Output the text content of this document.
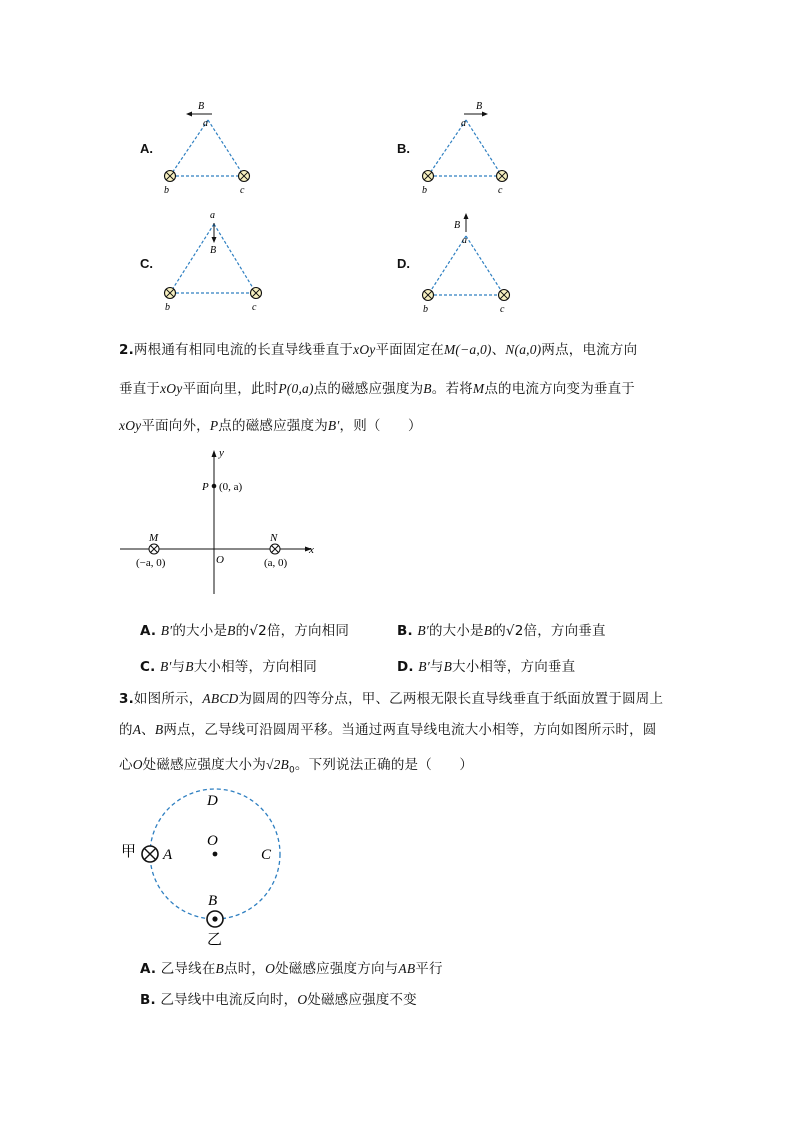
A.
B
a
b	c
B.
B
a
b	c
C.
a
B
b	c
D.
B
a
b	c
2.两根通有相同电流的长直导线垂直于xOy平面固定在M(−a,0)、N(a,0)两点，电流方向
垂直于xOy平面向里，此时P(0,a)点的磁感应强度为B。若将M点的电流方向变为垂直于
xOy平面向外，P点的磁感应强度为B′，则（　　）
x
y
O
P (0, a)
M
(−a, 0)
N
(a, 0)
A. B′的大小是B的√2倍，方向相同	B. B′的大小是B的√2倍，方向垂直
C. B′与B大小相等，方向相同	D. B′与B大小相等，方向垂直
3.如图所示，ABCD为圆周的四等分点，甲、乙两根无限长直导线垂直于纸面放置于圆周上
的A、B两点，乙导线可沿圆周平移。当通过两直导线电流大小相等，方向如图所示时，圆
心O处磁感应强度大小为$√2B_0$。下列说法正确的是（　　）
D
O
C
A
甲
B
乙
A. 乙导线在B点时，O处磁感应强度方向与AB平行
B. 乙导线中电流反向时，O处磁感应强度不变
